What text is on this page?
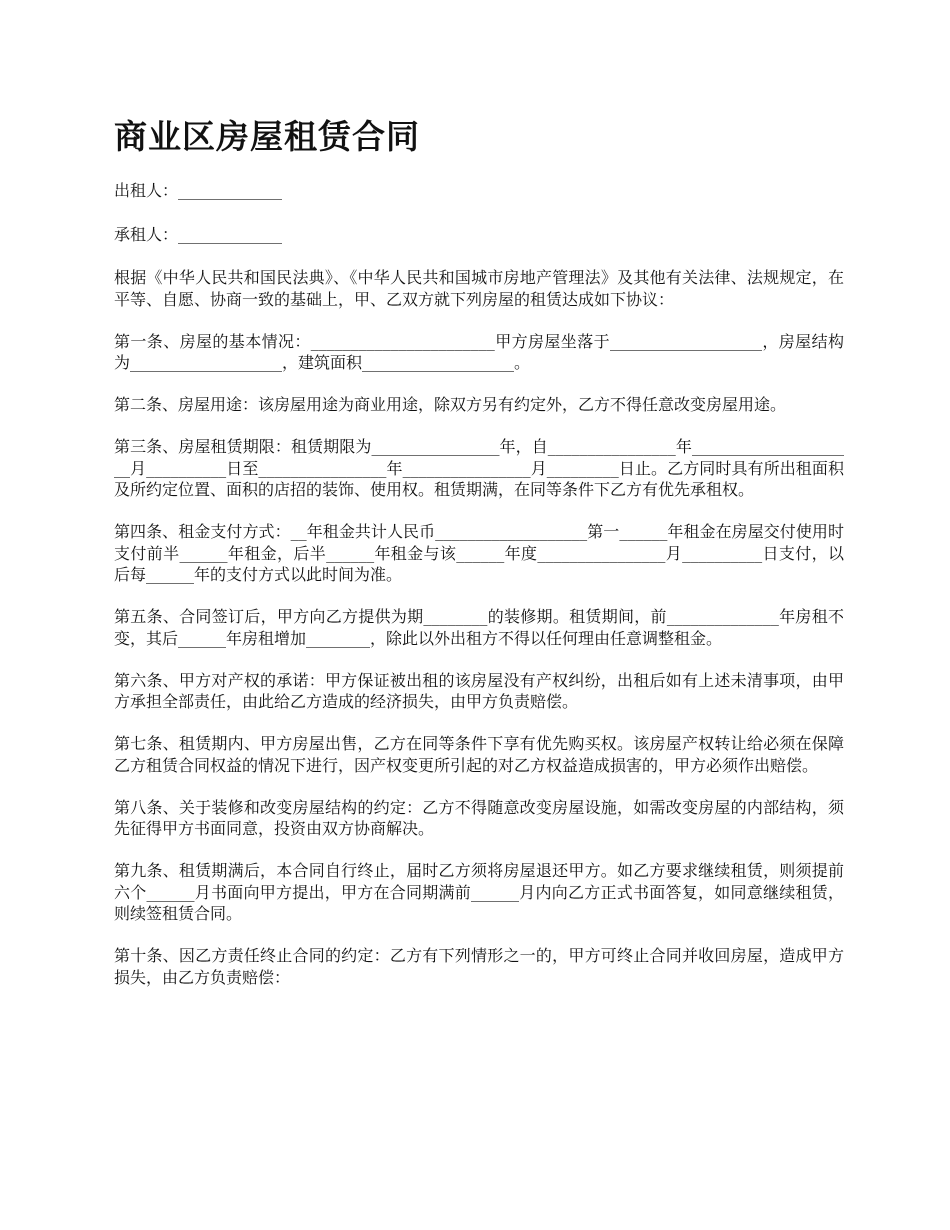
商业区房屋租赁合同

出租人：_____________

承租人：_____________

根据《中华人民共和国民法典》、《中华人民共和国城市房地产管理法》及其他有关法律、法规规定，在平等、自愿、协商一致的基础上，甲、乙双方就下列房屋的租赁达成如下协议：

第一条、房屋的基本情况：_______________________甲方房屋坐落于___________________，房屋结构为___________________，建筑面积___________________。

第二条、房屋用途：该房屋用途为商业用途，除双方另有约定外，乙方不得任意改变房屋用途。

第三条、房屋租赁期限：租赁期限为________________年，自________________年_____________________月__________日至________________年________________月_________日止。乙方同时具有所出租面积及所约定位置、面积的店招的装饰、使用权。租赁期满，在同等条件下乙方有优先承租权。

第四条、租金支付方式：__年租金共计人民币___________________第一______年租金在房屋交付使用时支付前半______年租金，后半______年租金与该______年度________________月__________日支付，以后每______年的支付方式以此时间为准。

第五条、合同签订后，甲方向乙方提供为期________的装修期。租赁期间，前______________年房租不变，其后______年房租增加________，除此以外出租方不得以任何理由任意调整租金。

第六条、甲方对产权的承诺：甲方保证被出租的该房屋没有产权纠纷，出租后如有上述未清事项，由甲方承担全部责任，由此给乙方造成的经济损失，由甲方负责赔偿。

第七条、租赁期内、甲方房屋出售，乙方在同等条件下享有优先购买权。该房屋产权转让给必须在保障乙方租赁合同权益的情况下进行，因产权变更所引起的对乙方权益造成损害的，甲方必须作出赔偿。

第八条、关于装修和改变房屋结构的约定：乙方不得随意改变房屋设施，如需改变房屋的内部结构，须先征得甲方书面同意，投资由双方协商解决。

第九条、租赁期满后，本合同自行终止，届时乙方须将房屋退还甲方。如乙方要求继续租赁，则须提前六个______月书面向甲方提出，甲方在合同期满前______月内向乙方正式书面答复，如同意继续租赁，则续签租赁合同。

第十条、因乙方责任终止合同的约定：乙方有下列情形之一的，甲方可终止合同并收回房屋，造成甲方损失，由乙方负责赔偿：
